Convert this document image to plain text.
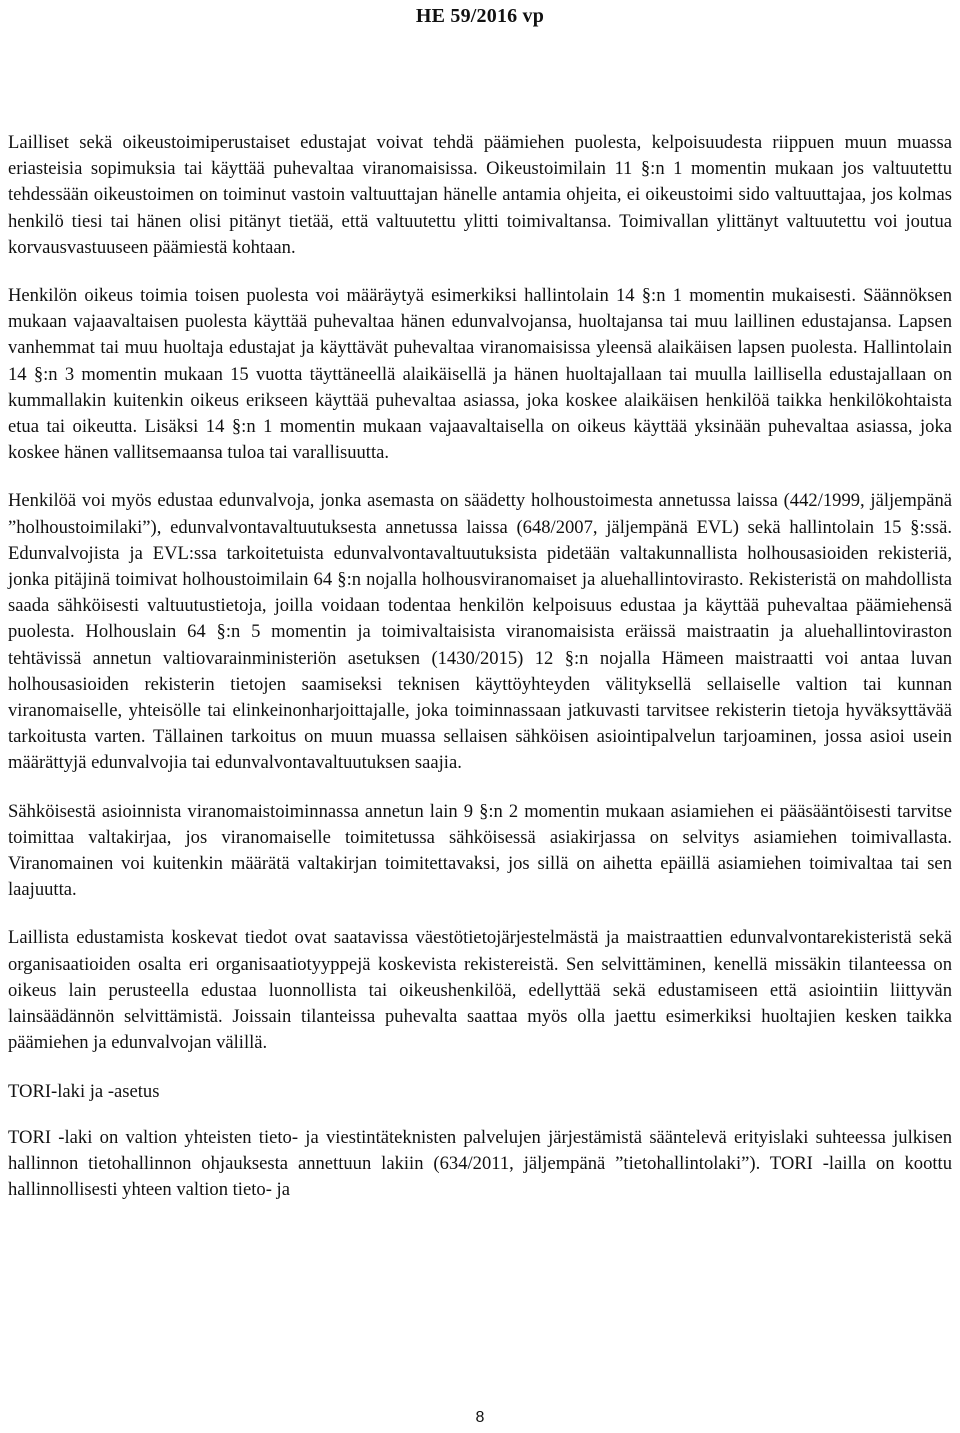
HE 59/2016 vp

Lailliset sekä oikeustoimiperustaiset edustajat voivat tehdä päämiehen puolesta, kelpoisuudesta riippuen muun muassa eriasteisia sopimuksia tai käyttää puhevaltaa viranomaisissa. Oikeustoimilain 11 §:n 1 momentin mukaan jos valtuutettu tehdessään oikeustoimen on toiminut vastoin valtuuttajan hänelle antamia ohjeita, ei oikeustoimi sido valtuuttajaa, jos kolmas henkilö tiesi tai hänen olisi pitänyt tietää, että valtuutettu ylitti toimivaltansa. Toimivallan ylittänyt valtuutettu voi joutua korvausvastuuseen päämiestä kohtaan.

Henkilön oikeus toimia toisen puolesta voi määräytyä esimerkiksi hallintolain 14 §:n 1 momentin mukaisesti. Säännöksen mukaan vajaavaltaisen puolesta käyttää puhevaltaa hänen edunvalvojansa, huoltajansa tai muu laillinen edustajansa. Lapsen vanhemmat tai muu huoltaja edustajat ja käyttävät puhevaltaa viranomaisissa yleensä alaikäisen lapsen puolesta. Hallintolain 14 §:n 3 momentin mukaan 15 vuotta täyttäneellä alaikäisellä ja hänen huoltajallaan tai muulla laillisella edustajallaan on kummallakin kuitenkin oikeus erikseen käyttää puhevaltaa asiassa, joka koskee alaikäisen henkilöä taikka henkilökohtaista etua tai oikeutta. Lisäksi 14 §:n 1 momentin mukaan vajaavaltaisella on oikeus käyttää yksinään puhevaltaa asiassa, joka koskee hänen vallitsemaansa tuloa tai varallisuutta.

Henkilöä voi myös edustaa edunvalvoja, jonka asemasta on säädetty holhoustoimesta annetussa laissa (442/1999, jäljempänä ”holhoustoimilaki”), edunvalvontavaltuutuksesta annetussa laissa (648/2007, jäljempänä EVL) sekä hallintolain 15 §:ssä. Edunvalvojista ja EVL:ssa tarkoitetuista edunvalvontavaltuutuksista pidetään valtakunnallista holhousasioiden rekisteriä, jonka pitäjinä toimivat holhoustoimilain 64 §:n nojalla holhousviranomaiset ja aluehallintovirasto. Rekisteristä on mahdollista saada sähköisesti valtuutustietoja, joilla voidaan todentaa henkilön kelpoisuus edustaa ja käyttää puhevaltaa päämiehensä puolesta. Holhouslain 64 §:n 5 momentin ja toimivaltaisista viranomaisista eräissä maistraatin ja aluehallintoviraston tehtävissä annetun valtiovarainministeriön asetuksen (1430/2015) 12 §:n nojalla Hämeen maistraatti voi antaa luvan holhousasioiden rekisterin tietojen saamiseksi teknisen käyttöyhteyden välityksellä sellaiselle valtion tai kunnan viranomaiselle, yhteisölle tai elinkeinonharjoittajalle, joka toiminnassaan jatkuvasti tarvitsee rekisterin tietoja hyväksyttävää tarkoitusta varten. Tällainen tarkoitus on muun muassa sellaisen sähköisen asiointipalvelun tarjoaminen, jossa asioi usein määrättyjä edunvalvojia tai edunvalvontavaltuutuksen saajia.

Sähköisestä asioinnista viranomaistoiminnassa annetun lain 9 §:n 2 momentin mukaan asiamiehen ei pääsääntöisesti tarvitse toimittaa valtakirjaa, jos viranomaiselle toimitetussa sähköisessä asiakirjassa on selvitys asiamiehen toimivallasta. Viranomainen voi kuitenkin määrätä valtakirjan toimitettavaksi, jos sillä on aihetta epäillä asiamiehen toimivaltaa tai sen laajuutta.

Laillista edustamista koskevat tiedot ovat saatavissa väestötietojärjestelmästä ja maistraattien edunvalvontarekisteristä sekä organisaatioiden osalta eri organisaatiotyyppejä koskevista rekistereistä. Sen selvittäminen, kenellä missäkin tilanteessa on oikeus lain perusteella edustaa luonnollista tai oikeushenkilöä, edellyttää sekä edustamiseen että asiointiin liittyvän lainsäädännön selvittämistä. Joissain tilanteissa puhevalta saattaa myös olla jaettu esimerkiksi huoltajien kesken taikka päämiehen ja edunvalvojan välillä.

TORI-laki ja -asetus

TORI -laki on valtion yhteisten tieto- ja viestintäteknisten palvelujen järjestämistä sääntelevä erityislaki suhteessa julkisen hallinnon tietohallinnon ohjauksesta annettuun lakiin (634/2011, jäljempänä ”tietohallintolaki”). TORI -lailla on koottu hallinnollisesti yhteen valtion tieto- ja

8
